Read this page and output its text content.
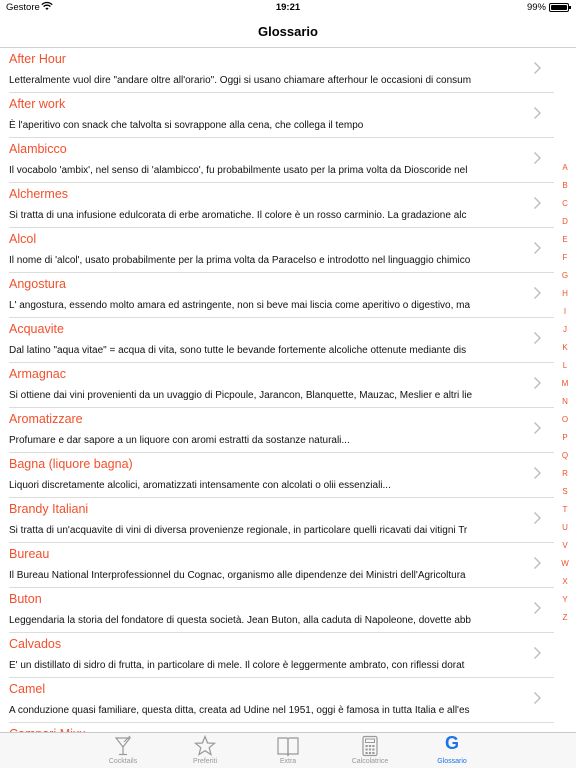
Gestore	19:21	99%
Glossario
After Hour
Letteralmente vuol dire "andare oltre all'orario". Oggi si usano chiamare afterhour le occasioni di consum
After work
È l'aperitivo con snack che talvolta si sovrappone alla cena, che collega il tempo
Alambicco
Il vocabolo 'ambix', nel senso di 'alambicco', fu probabilmente usato per la prima volta da Dioscoride nel
Alchermes
Si tratta di una infusione edulcorata di erbe aromatiche. Il colore è un rosso carminio. La gradazione alc
Alcol
Il nome di 'alcol', usato probabilmente per la prima volta da Paracelso e introdotto nel linguaggio chimico
Angostura
L' angostura, essendo molto amara ed astringente, non si beve mai liscia come aperitivo o digestivo, ma
Acquavite
Dal latino "aqua vitae" = acqua di vita, sono tutte le bevande fortemente alcoliche ottenute mediante dis
Armagnac
Si ottiene dai vini provenienti da un uvaggio di Picpoule, Jarancon, Blanquette, Mauzac, Meslier e altri lie
Aromatizzare
Profumare e dar sapore a un liquore con aromi estratti da sostanze naturali...
Bagna (liquore bagna)
Liquori discretamente alcolici, aromatizzati intensamente con alcolati o olii essenziali...
Brandy Italiani
Si tratta di un'acquavite di vini di diversa provenienze regionale, in particolare quelli ricavati dai vitigni Tr
Bureau
Il Bureau National Interprofessionnel du Cognac, organismo alle dipendenze dei Ministri dell'Agricoltura
Buton
Leggendaria la storia del fondatore di questa società. Jean Buton, alla caduta di Napoleone, dovette abb
Calvados
E' un distillato di sidro di frutta, in particolare di mele. Il colore è leggermente ambrato, con riflessi dorat
Camel
A conduzione quasi familiare, questa ditta, creata ad Udine nel 1951, oggi è famosa in tutta Italia e all'es
A
B
C
D
E
F
G
H
I
J
K
L
M
N
O
P
Q
R
S
T
U
V
W
X
Y
Z
Cocktails	Preferiti	Extra	Calcolatrice
G
Glossario
